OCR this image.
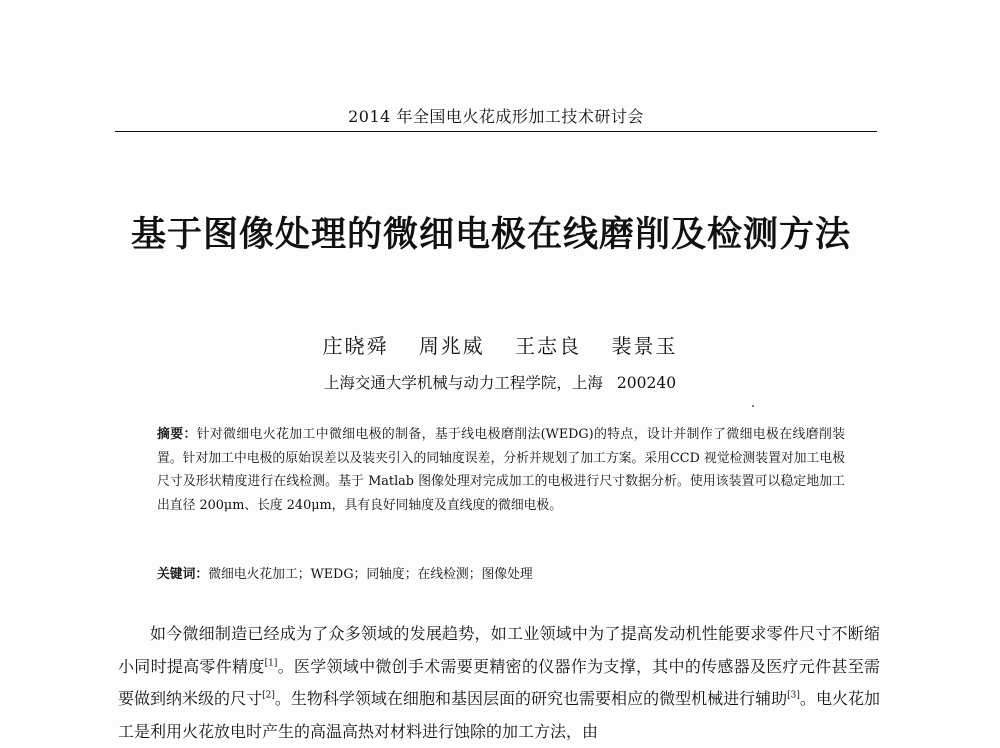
2014 年全国电火花成形加工技术研讨会
基于图像处理的微细电极在线磨削及检测方法
庄晓舜 周兆威 王志良 裴景玉
上海交通大学机械与动力工程学院，上海 200240
摘要：针对微细电火花加工中微细电极的制备，基于线电极磨削法(WEDG)的特点，设计并制作了微细电极在线磨削装置。针对加工中电极的原始误差以及装夹引入的同轴度误差，分析并规划了加工方案。采用CCD 视觉检测装置对加工电极尺寸及形状精度进行在线检测。基于 Matlab 图像处理对完成加工的电极进行尺寸数据分析。使用该装置可以稳定地加工出直径 200μm、长度 240μm，具有良好同轴度及直线度的微细电极。
关键词：微细电火花加工；WEDG；同轴度；在线检测；图像处理
如今微细制造已经成为了众多领域的发展趋势，如工业领域中为了提高发动机性能要求零件尺寸不断缩小同时提高零件精度[1]。医学领域中微创手术需要更精密的仪器作为支撑，其中的传感器及医疗元件甚至需要做到纳米级的尺寸[2]。生物科学领域在细胞和基因层面的研究也需要相应的微型机械进行辅助[3]。电火花加工是利用火花放电时产生的高温高热对材料进行蚀除的加工方法，由
